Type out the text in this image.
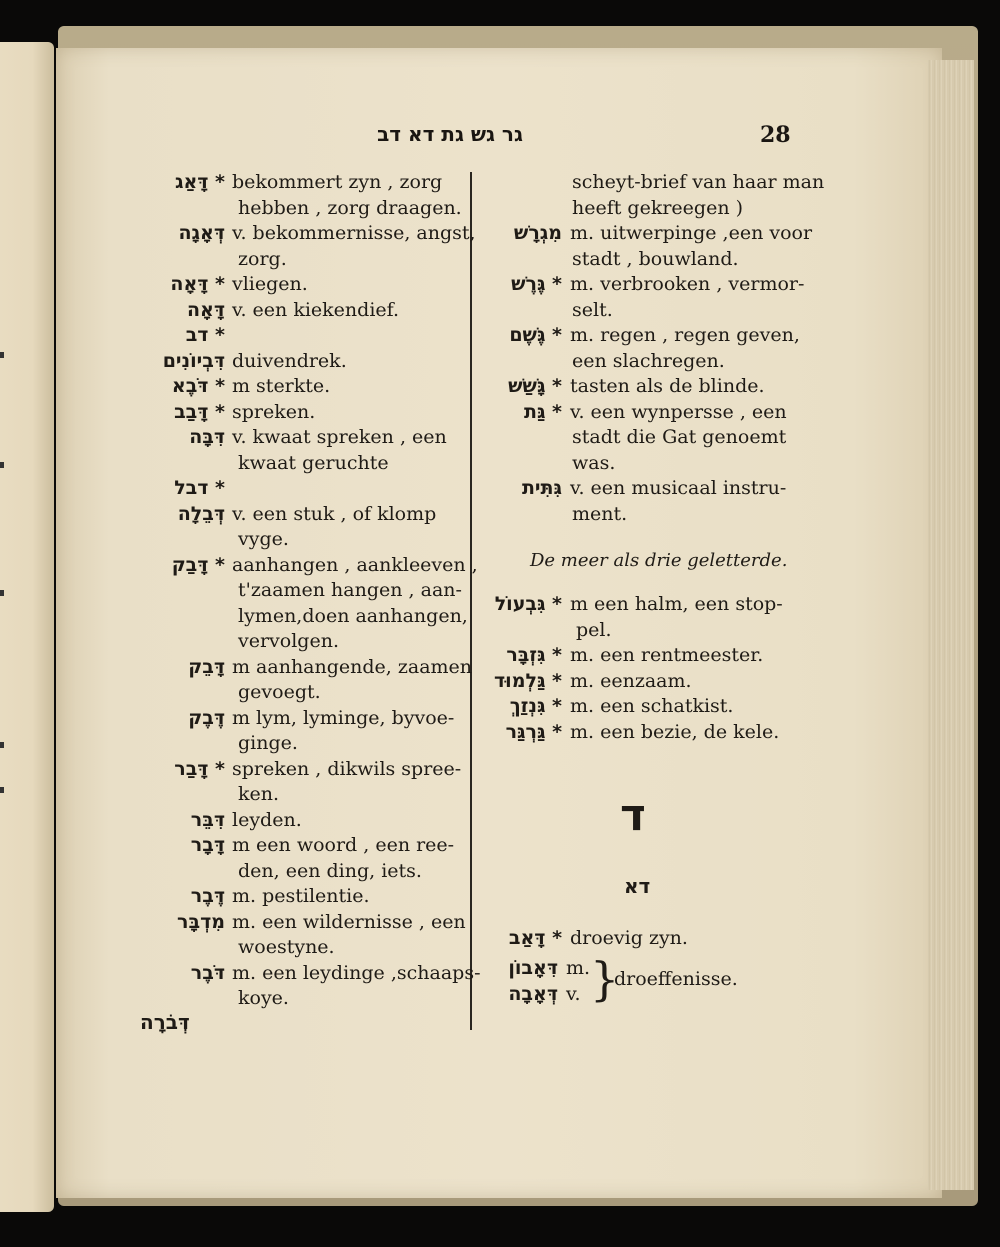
גר גש גת דא דב	28
* דָּאַג bekommert zyn , zorg
hebben , zorg draagen.
דְּאָגָה v. bekommernisse, angst,
zorg.
* דָּאָה vliegen.
דָּאָה v. een kiekendief.
* דב
דִּבְיוֹנִים duivendrek.
* דֹּבֶא m sterkte.
* דָּבַב spreken.
דִּבָּה v. kwaat spreken , een
kwaat geruchte
* דבל
דְּבֵלָה v. een stuk , of klomp
vyge.
* דָּבַק aanhangen , aankleeven ,
t'zaamen hangen , aan-
lymen,doen aanhangen,
vervolgen.
דָּבֵק m aanhangende, zaamen
gevoegt.
דֶּבֶק m lym, lyminge, byvoe-
ginge.
* דָּבַר spreken , dikwils spree-
ken.
דִּבֵּר leyden.
דָּבָר m een woord , een ree-
den, een ding, iets.
דֶּבֶר m. pestilentie.
מִדְבָּר m. een wildernisse , een
woestyne.
דֹּבֶר m. een leydinge ,schaaps-
koye.
scheyt-brief van haar man
heeft gekreegen )
מִגְרָשׁ m. uitwerpinge ,een voor
stadt , bouwland.
* גֶּרֶשׁ m. verbrooken , vermor-
selt.
* גֶּשֶׁם m. regen , regen geven,
een slachregen.
* גָּשַׁשׁ tasten als de blinde.
* גַּת v. een wynpersse , een
stadt die Gat genoemt
was.
גִּתִּית v. een musicaal instru-
ment.
* גִּבְעוֹל m een halm, een stop-
pel.
* גִּזְבָּר m. een rentmeester.
* גַּלְמוּד m. eenzaam.
* גִּנְזַךְ m. een schatkist.
* גַּרְגַּר m. een bezie, de kele.
* דָּאַב droevig zyn.
De meer als drie geletterde.
ד
דא
דִּאָבוֹן m.
דְּאָבָה v. }
droeffenisse.
דְּבֹרָה
